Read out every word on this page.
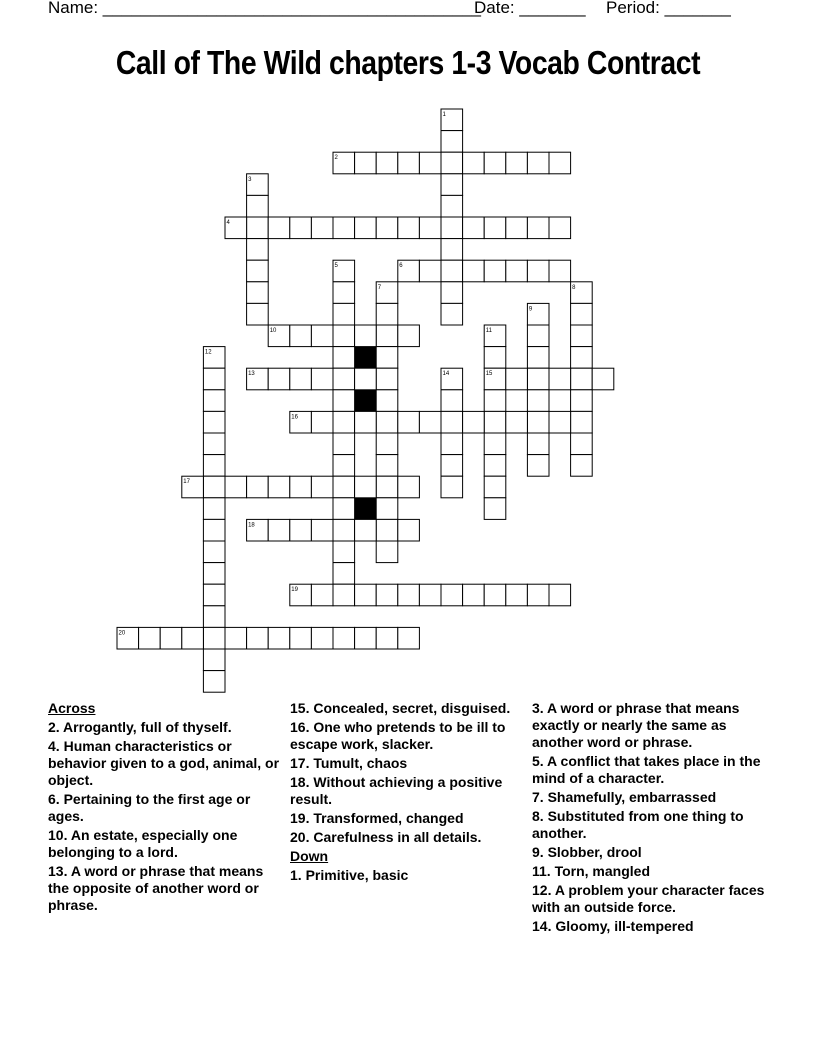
Name: ________________________________________
Date: _______ Period: _______
Call of The Wild chapters 1-3 Vocab Contract
1
2
3
4
5	6
7	8
9
10	11
12
13	14	15
16
17
18
19
20
Across
2. Arrogantly, full of thyself.
4. Human characteristics or behavior given to a god, animal, or object.
6. Pertaining to the first age or ages.
10. An estate, especially one belonging to a lord.
13. A word or phrase that means the opposite of another word or phrase.
15. Concealed, secret, disguised.
16. One who pretends to be ill to escape work, slacker.
17. Tumult, chaos
18. Without achieving a positive result.
19. Transformed, changed
20. Carefulness in all details.
Down
1. Primitive, basic
3. A word or phrase that means exactly or nearly the same as another word or phrase.
5. A conflict that takes place in the mind of a character.
7. Shamefully, embarrassed
8. Substituted from one thing to another.
9. Slobber, drool
11. Torn, mangled
12. A problem your character faces with an outside force.
14. Gloomy, ill-tempered
